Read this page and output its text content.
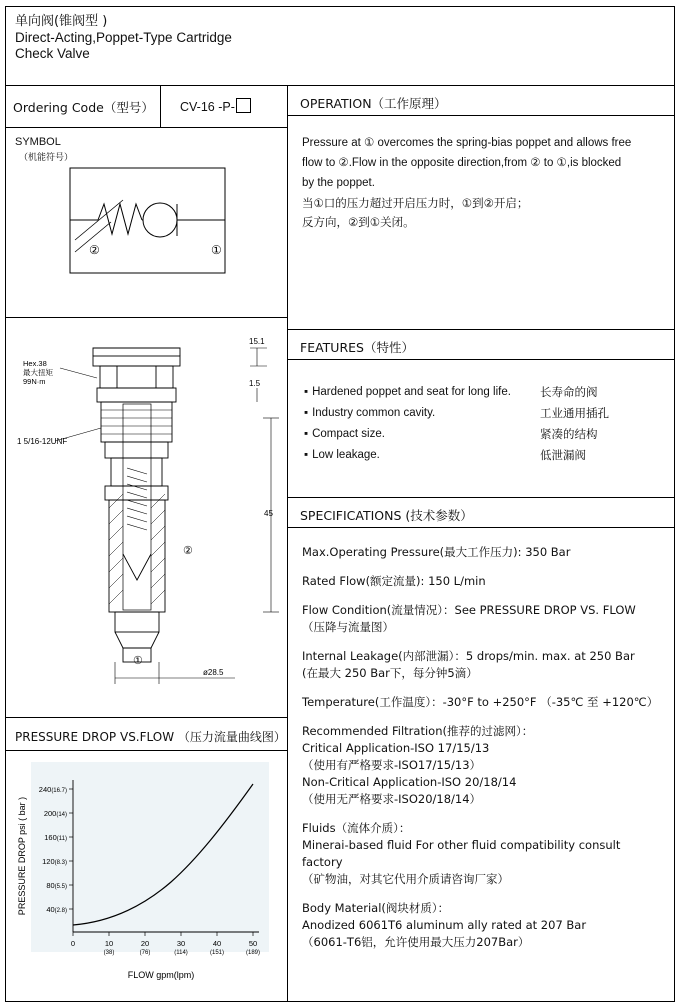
单向阀(锥阀型 )
Direct-Acting,Poppet-Type Cartridge
Check Valve
Ordering Code（型号） CV-16 -P-
SYMBOL
（机能符号）
②	①
Hex.38
最大扭矩
99N·m
1 5/16-12UNF
15.1
1.5
45
ø28.5
①
②
PRESSURE DROP VS.FLOW （压力流量曲线图）
40(2.8)
80(5.5)
120(8.3)
160(11)
200(14)
240(16.7)
0	10
(38)
20
(76)
30
(114)
40
(151)
50
(189)
FLOW gpm(lpm)
PRESSURE DROP psi ( bar )
OPERATION（工作原理）

Pressure at ① overcomes the spring-bias poppet and allows free

flow to ②.Flow in the opposite direction,from ② to ①,is blocked

by the poppet.

当①口的压力超过开启压力时，①到②开启；

反方向，②到①关闭。

FEATURES（特性）
▪ Hardened poppet and seat for long life.	长寿命的阀
▪ Industry common cavity.	工业通用插孔
▪ Compact size.	紧凑的结构
▪ Low leakage.	低泄漏阀
SPECIFICATIONS (技术参数）

Max.Operating Pressure(最大工作压力): 350 Bar

Rated Flow(额定流量): 150 L/min

Flow Condition(流量情况）：See PRESSURE DROP VS. FLOW
（压降与流量图）

Internal Leakage(内部泄漏）：5 drops/min. max. at 250 Bar
(在最大 250 Bar下，每分钟5滴）

Temperature(工作温度）：-30°F to +250°F （-35℃ 至 +120℃）

Recommended Filtration(推荐的过滤网）：
Critical Application-ISO 17/15/13
（使用有严格要求-ISO17/15/13）
Non-Critical Application-ISO 20/18/14
（使用无严格要求-ISO20/18/14）

Fluids（流体介质）：
Minerai-based fluid For other fluid compatibility consult factory
（矿物油，对其它代用介质请咨询厂家）

Body Material(阀块材质）：
Anodized 6061T6 aluminum ally rated at 207 Bar
（6061-T6铝，允许使用最大压力207Bar）
